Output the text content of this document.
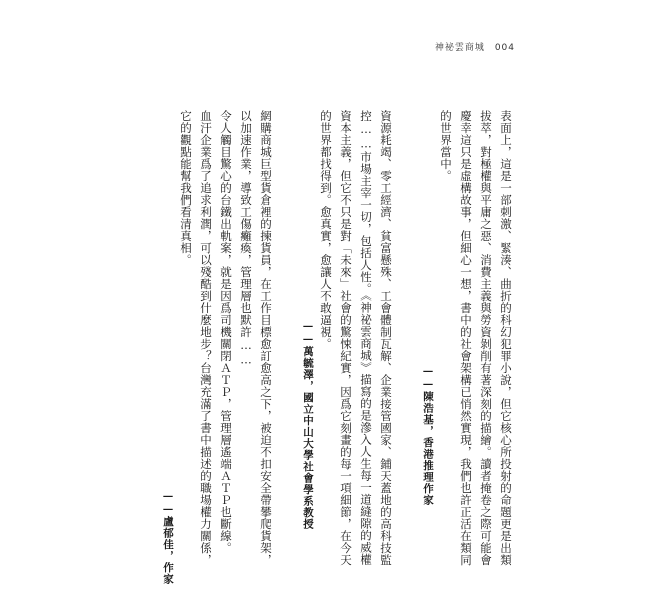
神祕雲商城 004
表面上，這是一部刺激、緊湊、曲折的科幻犯罪小說，但它核心所投射的命題更是出類
拔萃，對極權與平庸之惡、消費主義與勞資剝削有著深刻的描繪。讀者掩卷之際可能會
慶幸這只是虛構故事，但細心一想，書中的社會架構已悄然實現，我們也許正活在類同
的世界當中。
——陳浩基，香港推理作家
資源耗竭、零工經濟、貧富懸殊、工會體制瓦解、企業接管國家、鋪天蓋地的高科技監
控……市場主宰一切，包括人性。《神祕雲商城》描寫的是滲入人生每一道縫隙的威權
資本主義，但它不只是對「未來」社會的驚悚紀實，因爲它刻畫的每一項細節，在今天
的世界都找得到。愈真實，愈讓人不敢逼視。
——萬毓澤，國立中山大學社會學系教授
網購商城巨型貨倉裡的揀貨員，在工作目標愈訂愈高之下，被迫不扣安全帶攀爬貨架，
以加速作業，導致工傷癱瘓，管理層也默許……
令人觸目驚心的台鐵出軌案，就是因爲司機關閉ＡＴＰ，管理層遙端ＡＴＰ也斷線。
血汗企業爲了追求利潤，可以殘酷到什麼地步？台灣充滿了書中描述的職場權力關係，
它的觀點能幫我們看清真相。
——盧郁佳，作家
